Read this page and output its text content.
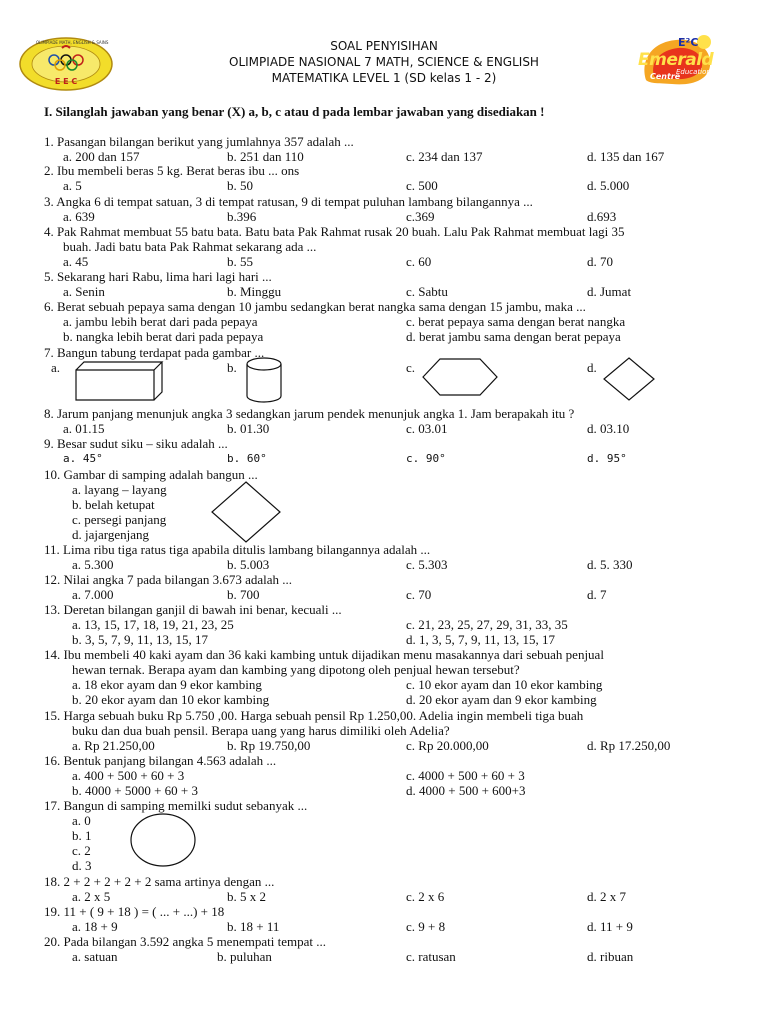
OLIMPIADE MATH, ENGLISH & SAINS
E E C
SOAL PENYISIHAN
OLIMPIADE NASIONAL 7 MATH, SCIENCE & ENGLISH
MATEMATIKA LEVEL 1 (SD kelas 1 - 2)
E²C
Emerald
Education
Centre
I. Silanglah jawaban yang benar (X) a, b, c atau d pada lembar jawaban yang disediakan !
1. Pasangan bilangan berikut yang jumlahnya 357 adalah ...
a. 200 dan 157	b. 251 dan 110	c. 234 dan 137	d. 135 dan 167
2. Ibu membeli beras 5 kg. Berat beras ibu ... ons
a. 5	b. 50	c. 500	d. 5.000
3. Angka 6 di tempat satuan, 3 di tempat ratusan, 9 di tempat puluhan lambang bilangannya ...
a. 639	b.396	c.369	d.693
4. Pak Rahmat membuat 55 batu bata. Batu bata Pak Rahmat rusak 20 buah. Lalu Pak Rahmat membuat lagi 35
buah. Jadi batu bata Pak Rahmat sekarang ada ...
a. 45	b. 55	c. 60	d. 70
5. Sekarang hari Rabu, lima hari lagi hari ...
a. Senin	b. Minggu	c. Sabtu	d. Jumat
6. Berat sebuah pepaya sama dengan 10 jambu sedangkan berat nangka sama dengan 15 jambu, maka ...
a. jambu lebih berat dari pada pepaya	c. berat pepaya sama dengan berat nangka
b. nangka lebih berat dari pada pepaya	d. berat jambu sama dengan berat pepaya
7. Bangun tabung terdapat pada gambar ...
a.	b.	c.	d.
8. Jarum panjang menunjuk angka 3 sedangkan jarum pendek menunjuk angka 1. Jam berapakah itu ?
a. 01.15	b. 01.30	c. 03.01	d. 03.10
9. Besar sudut siku – siku adalah ...
a. 45°	b. 60°	c. 90°	d. 95°
10. Gambar di samping adalah bangun ...
a. layang – layang
b. belah ketupat
c. persegi panjang
d. jajargenjang
11. Lima ribu tiga ratus tiga apabila ditulis lambang bilangannya adalah ...
a. 5.300	b. 5.003	c. 5.303	d. 5. 330
12. Nilai angka 7 pada bilangan 3.673 adalah ...
a. 7.000	b. 700	c. 70	d. 7
13. Deretan bilangan ganjil di bawah ini benar, kecuali ...
a. 13, 15, 17, 18, 19, 21, 23, 25	c. 21, 23, 25, 27, 29, 31, 33, 35
b. 3, 5, 7, 9, 11, 13, 15, 17	d. 1, 3, 5, 7, 9, 11, 13, 15, 17
14. Ibu membeli 40 kaki ayam dan 36 kaki kambing untuk dijadikan menu masakannya dari sebuah penjual
hewan ternak. Berapa ayam dan kambing yang dipotong oleh penjual hewan tersebut?
a. 18 ekor ayam dan 9 ekor kambing	c. 10 ekor ayam dan 10 ekor kambing
b. 20 ekor ayam dan 10 ekor kambing	d. 20 ekor ayam dan 9 ekor kambing
15. Harga sebuah buku Rp 5.750 ,00. Harga sebuah pensil Rp 1.250,00. Adelia ingin membeli tiga buah
buku dan dua buah pensil. Berapa uang yang harus dimiliki oleh Adelia?
a. Rp 21.250,00	b. Rp 19.750,00	c. Rp 20.000,00	d. Rp 17.250,00
16. Bentuk panjang bilangan 4.563 adalah ...
a. 400 + 500 + 60 + 3	c. 4000 + 500 + 60 + 3
b. 4000 + 5000 + 60 + 3	d. 4000 + 500 + 600+3
17. Bangun di samping memilki sudut sebanyak ...
a. 0
b. 1
c. 2
d. 3
18. 2 + 2 + 2 + 2 + 2 sama artinya dengan ...
a. 2 x 5	b. 5 x 2	c. 2 x 6	d. 2 x 7
19. 11 + ( 9 + 18 ) = ( ... + ...) + 18
a. 18 + 9	b. 18 + 11	c. 9 + 8	d. 11 + 9
20. Pada bilangan 3.592 angka 5 menempati tempat ...
a. satuan	b. puluhan	c. ratusan	d. ribuan
